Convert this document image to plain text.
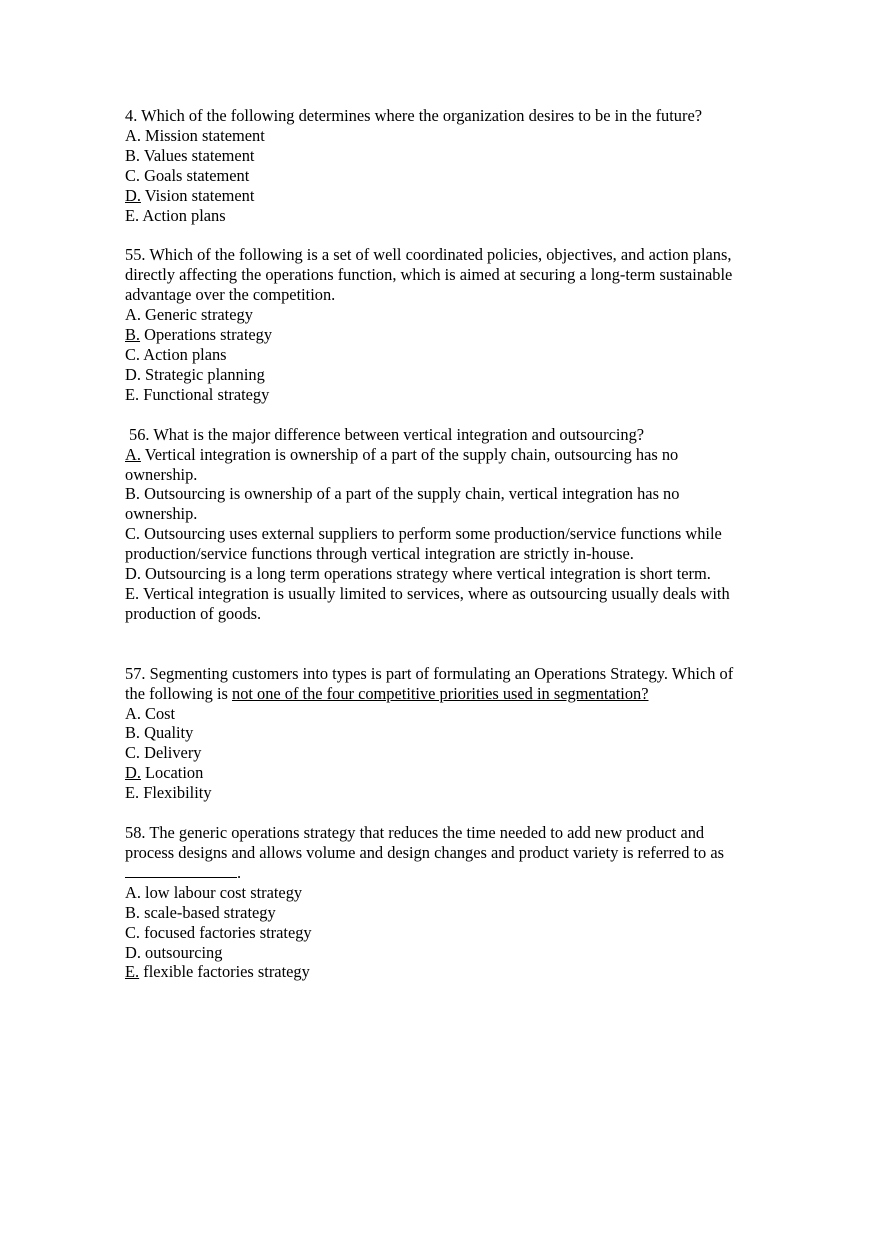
4. Which of the following determines where the organization desires to be in the future?
A. Mission statement
B. Values statement
C. Goals statement
D. Vision statement
E. Action plans
55. Which of the following is a set of well coordinated policies, objectives, and action plans,
directly affecting the operations function, which is aimed at securing a long-term sustainable
advantage over the competition.
A. Generic strategy
B. Operations strategy
C. Action plans
D. Strategic planning
E. Functional strategy
56. What is the major difference between vertical integration and outsourcing?
A. Vertical integration is ownership of a part of the supply chain, outsourcing has no
ownership.
B. Outsourcing is ownership of a part of the supply chain, vertical integration has no
ownership.
C. Outsourcing uses external suppliers to perform some production/service functions while
production/service functions through vertical integration are strictly in-house.
D. Outsourcing is a long term operations strategy where vertical integration is short term.
E. Vertical integration is usually limited to services, where as outsourcing usually deals with
production of goods.
57. Segmenting customers into types is part of formulating an Operations Strategy. Which of
the following is not one of the four competitive priorities used in segmentation?
A. Cost
B. Quality
C. Delivery
D. Location
E. Flexibility
58. The generic operations strategy that reduces the time needed to add new product and
process designs and allows volume and design changes and product variety is referred to as
.
A. low labour cost strategy
B. scale-based strategy
C. focused factories strategy
D. outsourcing
E. flexible factories strategy
